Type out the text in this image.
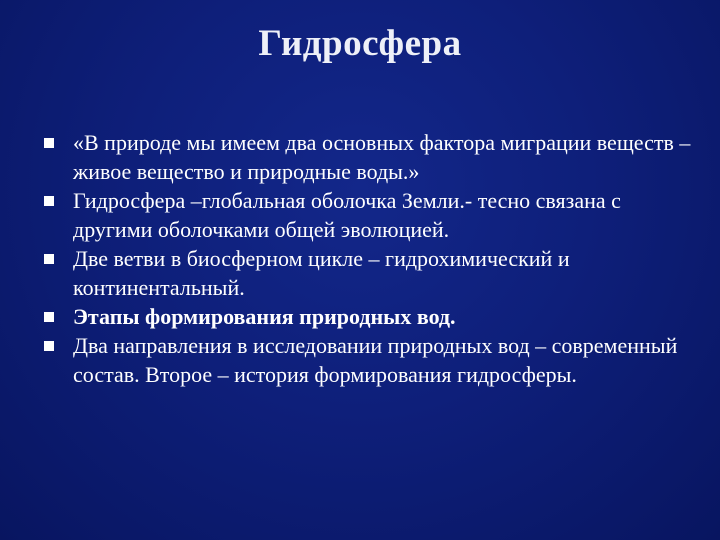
Гидросфера
«В природе мы имеем два основных фактора миграции веществ – живое вещество и природные воды.»
Гидросфера –глобальная оболочка Земли.- тесно связана с другими оболочками общей эволюцией.
Две ветви в биосферном цикле – гидрохимический и континентальный.
Этапы формирования природных вод.
Два направления в исследовании природных вод – современный состав. Второе – история формирования гидросферы.
